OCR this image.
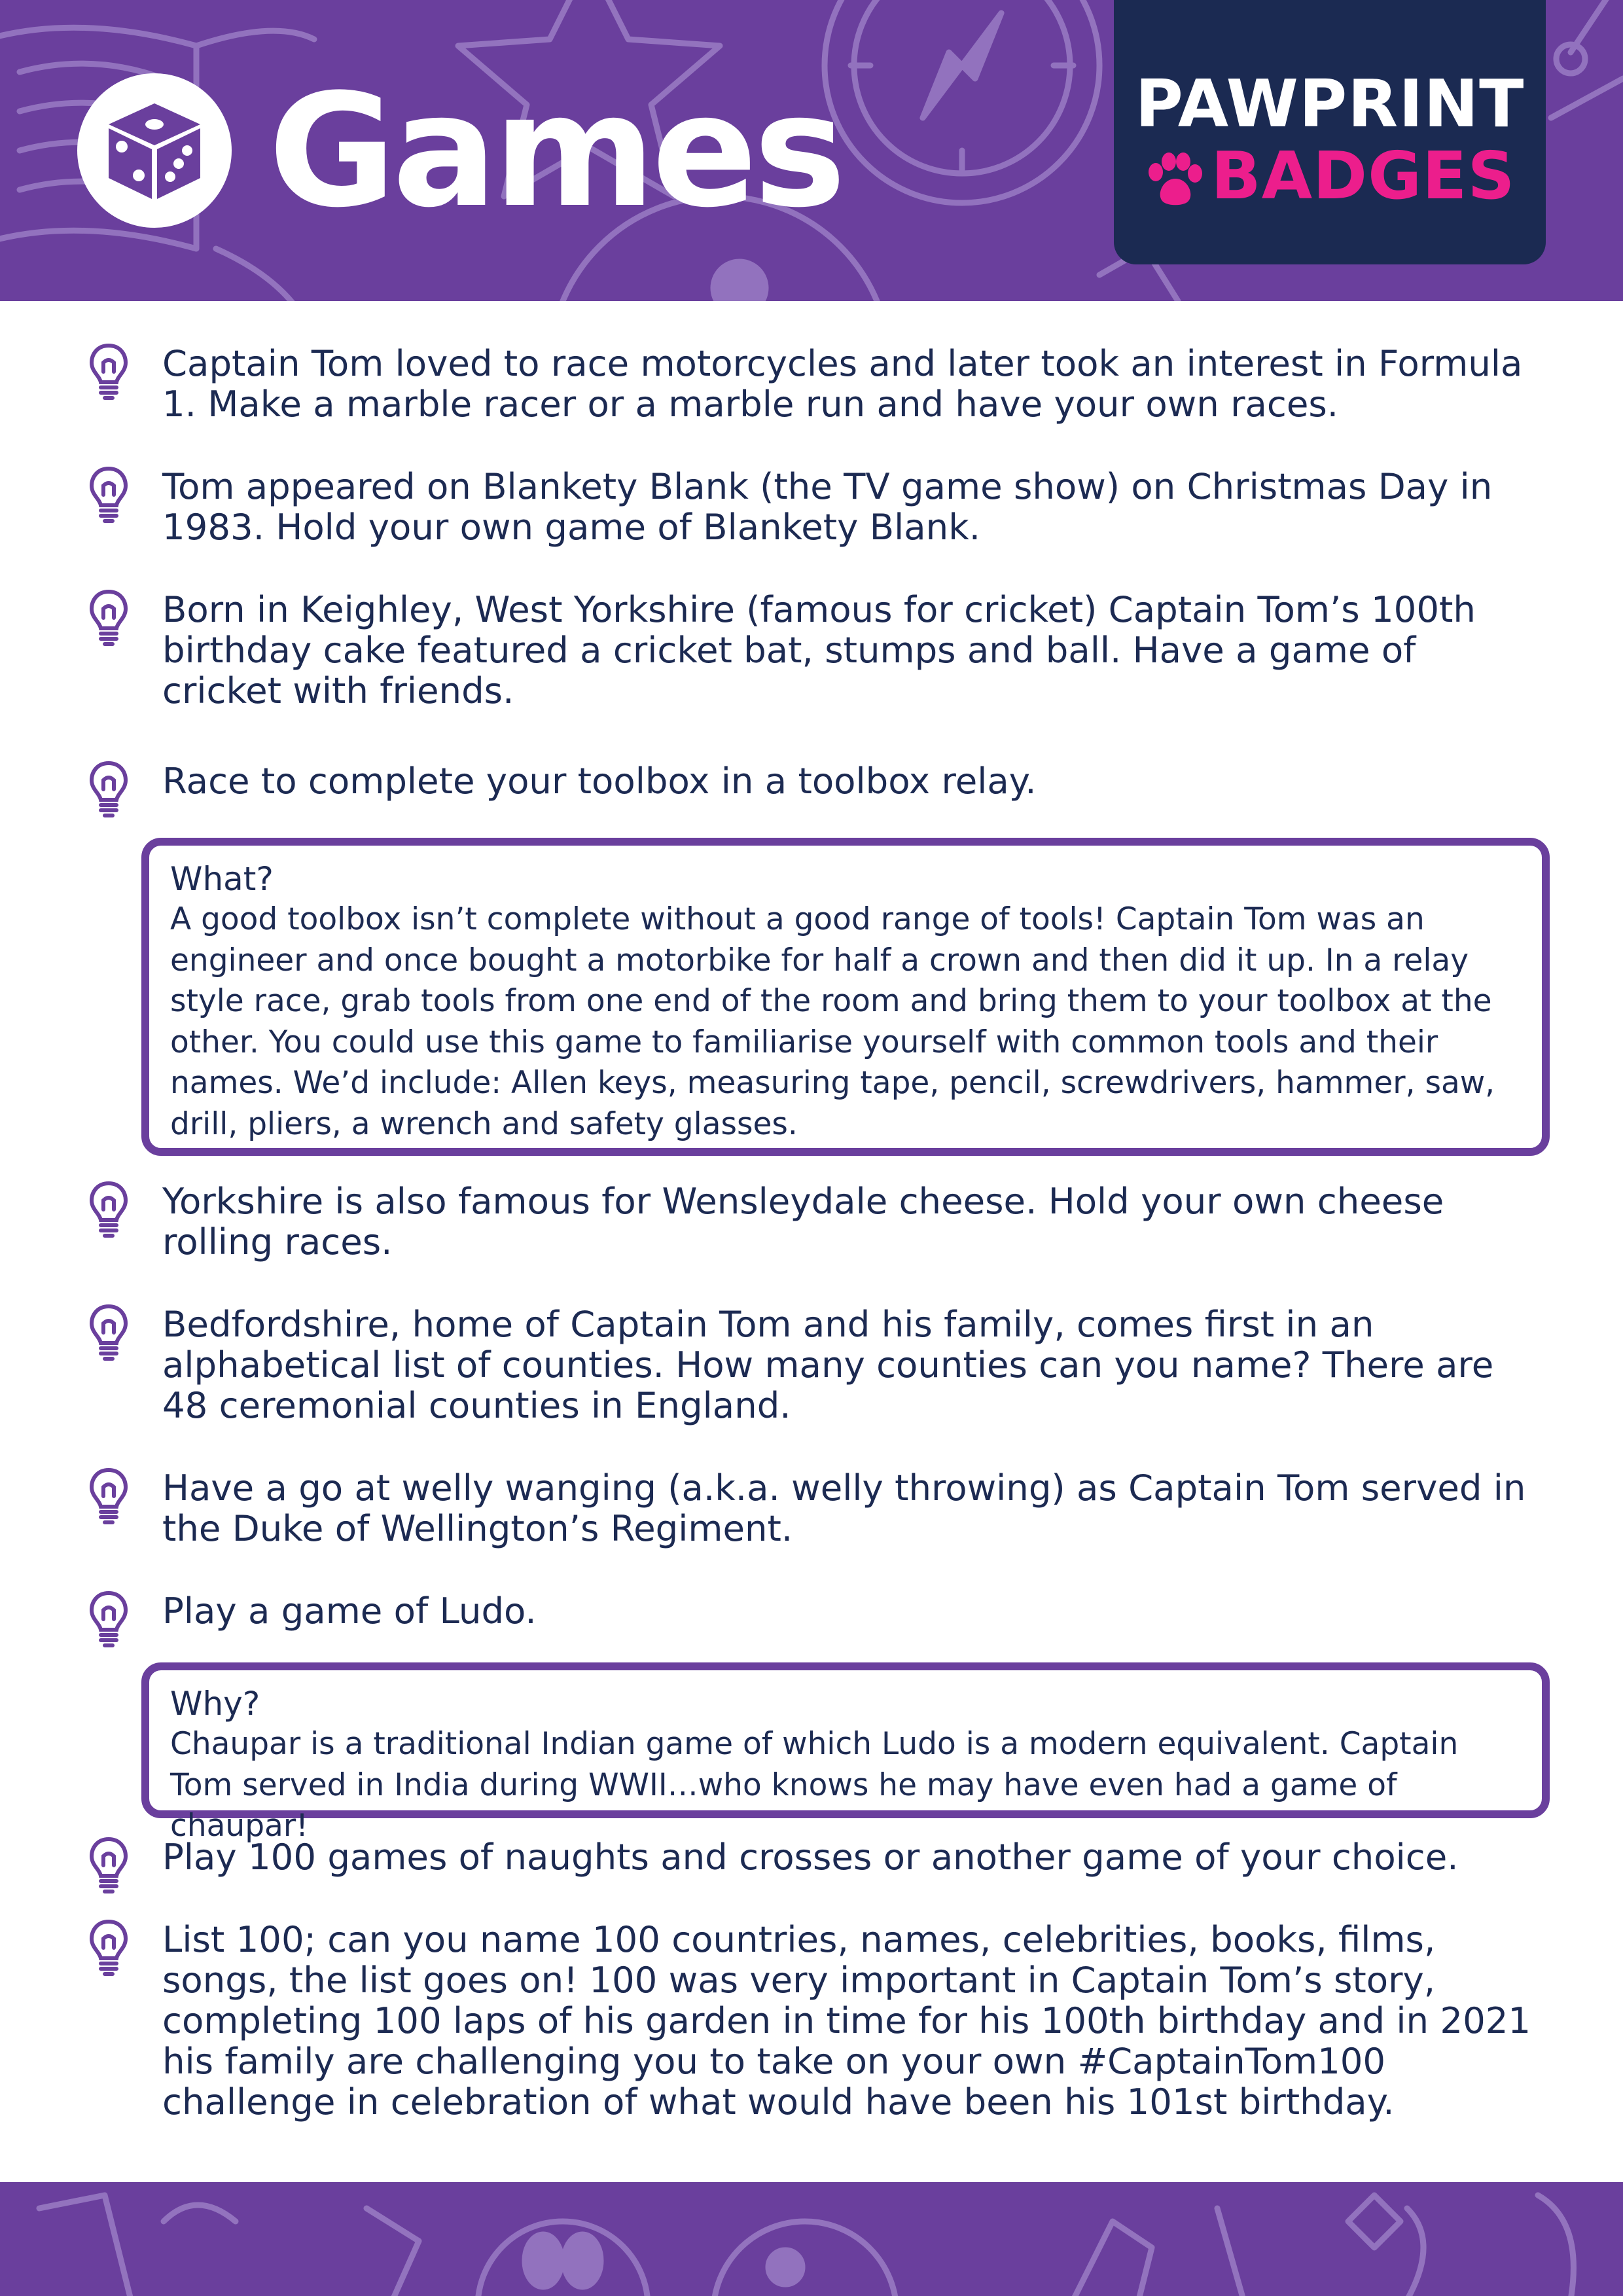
Games	PAWPRINT
BADGES

Captain Tom loved to race motorcycles and later took an interest in Formula 1. Make a marble racer or a marble run and have your own races.

Tom appeared on Blankety Blank (the TV game show) on Christmas Day in 1983. Hold your own game of Blankety Blank.

Born in Keighley, West Yorkshire (famous for cricket) Captain Tom’s 100th birthday cake featured a cricket bat, stumps and ball. Have a game of cricket with friends.

Race to complete your toolbox in a toolbox relay.

What?

A good toolbox isn’t complete without a good range of tools! Captain Tom was an engineer and once bought a motorbike for half a crown and then did it up. In a relay style race, grab tools from one end of the room and bring them to your toolbox at the other. You could use this game to familiarise yourself with common tools and their names. We’d include: Allen keys, measuring tape, pencil, screwdrivers, hammer, saw, drill, pliers, a wrench and safety glasses.

Yorkshire is also famous for Wensleydale cheese. Hold your own cheese rolling races.

Bedfordshire, home of Captain Tom and his family, comes first in an alphabetical list of counties. How many counties can you name? There are 48 ceremonial counties in England.

Have a go at welly wanging (a.k.a. welly throwing) as Captain Tom served in the Duke of Wellington’s Regiment.

Play a game of Ludo.

Why?

Chaupar is a traditional Indian game of which Ludo is a modern equivalent. Captain Tom served in India during WWII…who knows he may have even had a game of chaupar!

Play 100 games of naughts and crosses or another game of your choice.

List 100; can you name 100 countries, names, celebrities, books, films, songs, the list goes on! 100 was very important in Captain Tom’s story, completing 100 laps of his garden in time for his 100th birthday and in 2021 his family are challenging you to take on your own #CaptainTom100 challenge in celebration of what would have been his 101st birthday.
